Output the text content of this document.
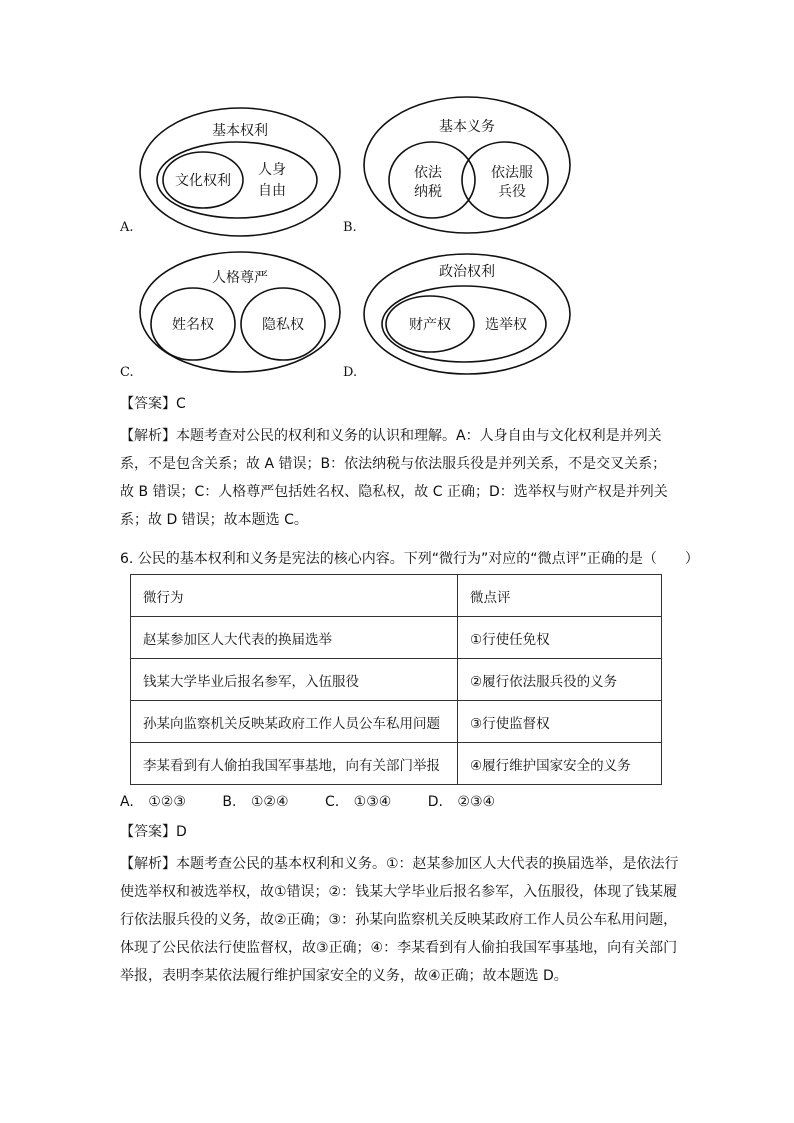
基本权利
文化权利
人身
自由
基本义务
依法
纳税
依法服
兵役
人格尊严
姓名权	隐私权
政治权利
财产权 选举权
A.	B.
C.	D.
【答案】C
【解析】本题考查对公民的权利和义务的认识和理解。A：人身自由与文化权利是并列关系，不是包含关系；故 A 错误；B：依法纳税与依法服兵役是并列关系，不是交叉关系；故 B 错误；C：人格尊严包括姓名权、隐私权，故 C 正确；D：选举权与财产权是并列关系；故 D 错误；故本题选 C。
6. 公民的基本权利和义务是宪法的核心内容。下列“微行为”对应的“微点评”正确的是（　　）
微行为	微点评
赵某参加区人大代表的换届选举	①行使任免权
钱某大学毕业后报名参军，入伍服役	②履行依法服兵役的义务
孙某向监察机关反映某政府工作人员公车私用问题	③行使监督权
李某看到有人偷拍我国军事基地，向有关部门举报	④履行维护国家安全的义务
A. ①②③	B. ①②④	C. ①③④	D. ②③④
【答案】D
【解析】本题考查公民的基本权利和义务。①：赵某参加区人大代表的换届选举，是依法行使选举权和被选举权，故①错误；②：钱某大学毕业后报名参军，入伍服役，体现了钱某履行依法服兵役的义务，故②正确；③：孙某向监察机关反映某政府工作人员公车私用问题，体现了公民依法行使监督权，故③正确；④：李某看到有人偷拍我国军事基地，向有关部门举报，表明李某依法履行维护国家安全的义务，故④正确；故本题选 D。
